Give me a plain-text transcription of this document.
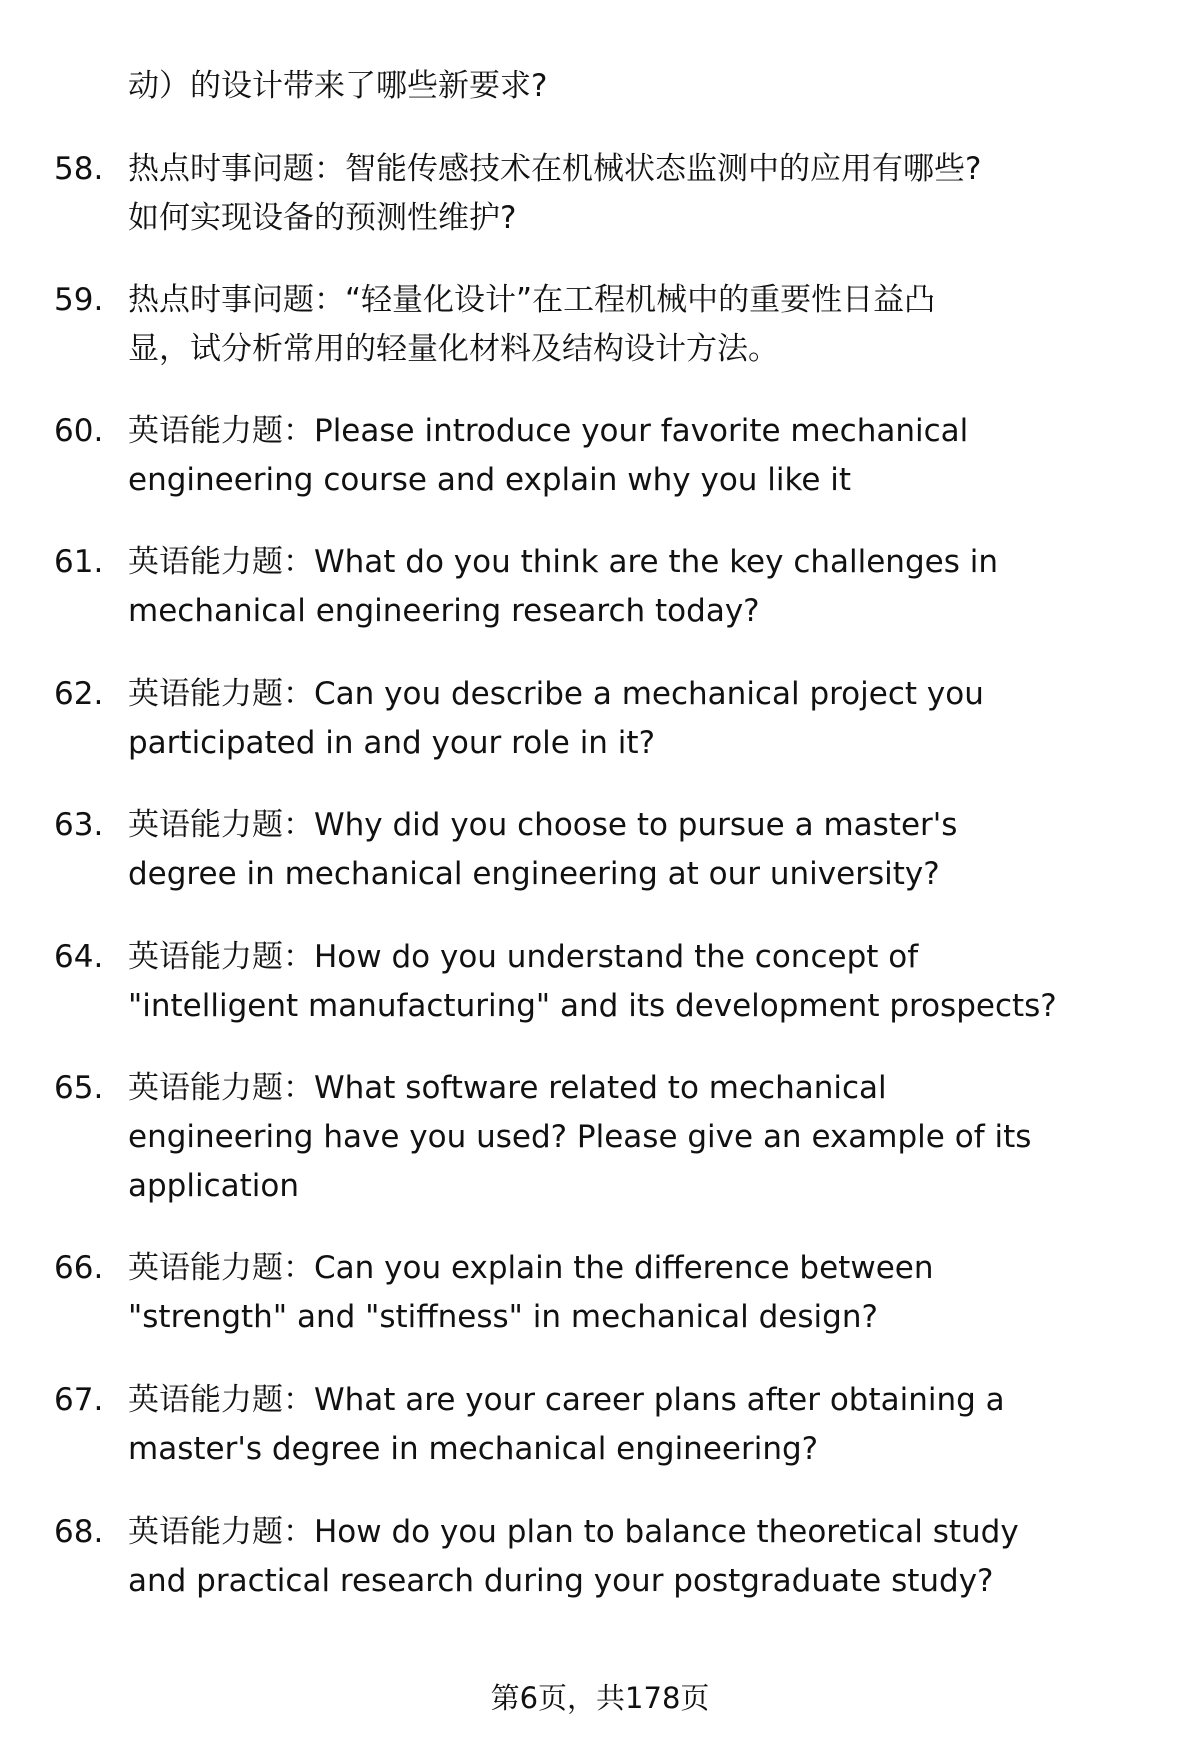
动）的设计带来了哪些新要求?
58. 热点时事问题：智能传感技术在机械状态监测中的应用有哪些?
如何实现设备的预测性维护?
59. 热点时事问题：“轻量化设计”在工程机械中的重要性日益凸
显，试分析常用的轻量化材料及结构设计方法。
60. 英语能力题：Please introduce your favorite mechanical
engineering course and explain why you like it
61. 英语能力题：What do you think are the key challenges in
mechanical engineering research today?
62. 英语能力题：Can you describe a mechanical project you
participated in and your role in it?
63. 英语能力题：Why did you choose to pursue a master's
degree in mechanical engineering at our university?
64. 英语能力题：How do you understand the concept of
"intelligent manufacturing" and its development prospects?
65. 英语能力题：What software related to mechanical
engineering have you used? Please give an example of its
application
66. 英语能力题：Can you explain the difference between
"strength" and "stiffness" in mechanical design?
67. 英语能力题：What are your career plans after obtaining a
master's degree in mechanical engineering?
68. 英语能力题：How do you plan to balance theoretical study
and practical research during your postgraduate study?
第6页，共178页
